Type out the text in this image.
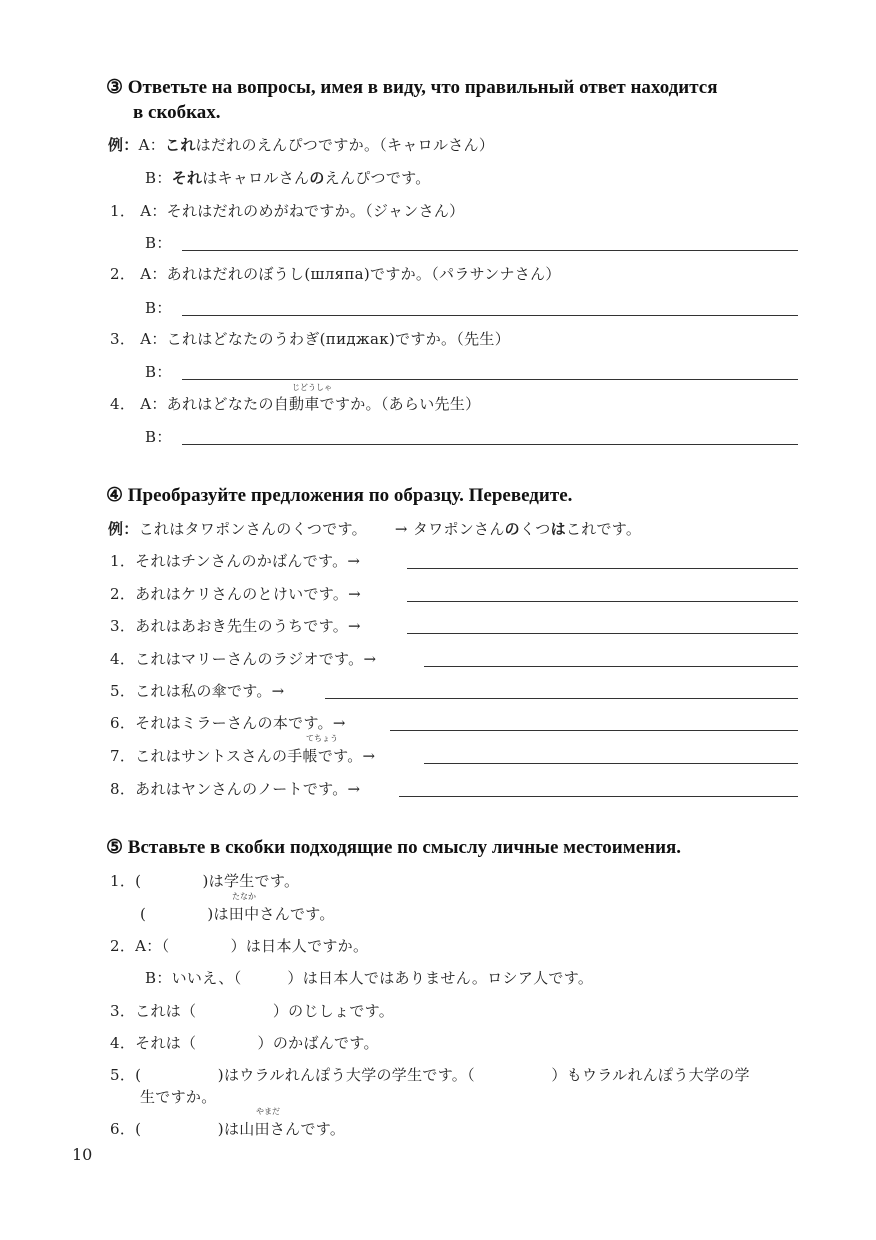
③ Ответьте на вопросы, имея в виду, что правильный ответ находится
в скобках.
例：A：これはだれのえんぴつですか。（キャロルさん）
B：それはキャロルさんのえんぴつです。
1． A：それはだれのめがねですか。（ジャンさん）
B：
2． A：あれはだれのぼうし(шляпа)ですか。（パラサンナさん）
B：
3． A：これはどなたのうわぎ(пиджак)ですか。（先生）
B：
じどうしゃ
4． A：あれはどなたの自動車ですか。（あらい先生）
B：
④ Преобразуйте предложения по образцу. Переведите.
例：これはタワポンさんのくつです。 → タワポンさんのくつはこれです。
1．それはチンさんのかばんです。→
2．あれはケリさんのとけいです。→
3．あれはあおき先生のうちです。→
4．これはマリーさんのラジオです。→
5．これは私の傘です。→
6．それはミラーさんの本です。→
てちょう
7．これはサントスさんの手帳です。→
8．あれはヤンさんのノートです。→
⑤ Вставьте в скобки подходящие по смыслу личные местоимения.
1．(　　　　)は学生です。
たなか
(　　　　)は田中さんです。
2．A：（　　　　）は日本人ですか。
B：いいえ、（　　　）は日本人ではありません。ロシア人です。
3．これは（　　　　　）のじしょです。
4．それは（　　　　）のかばんです。
5．(　　　　　)はウラルれんぽう大学の学生です。（　　　　　）もウラルれんぽう大学の学
生ですか。
やまだ
6．(　　　　　)は山田さんです。
10
